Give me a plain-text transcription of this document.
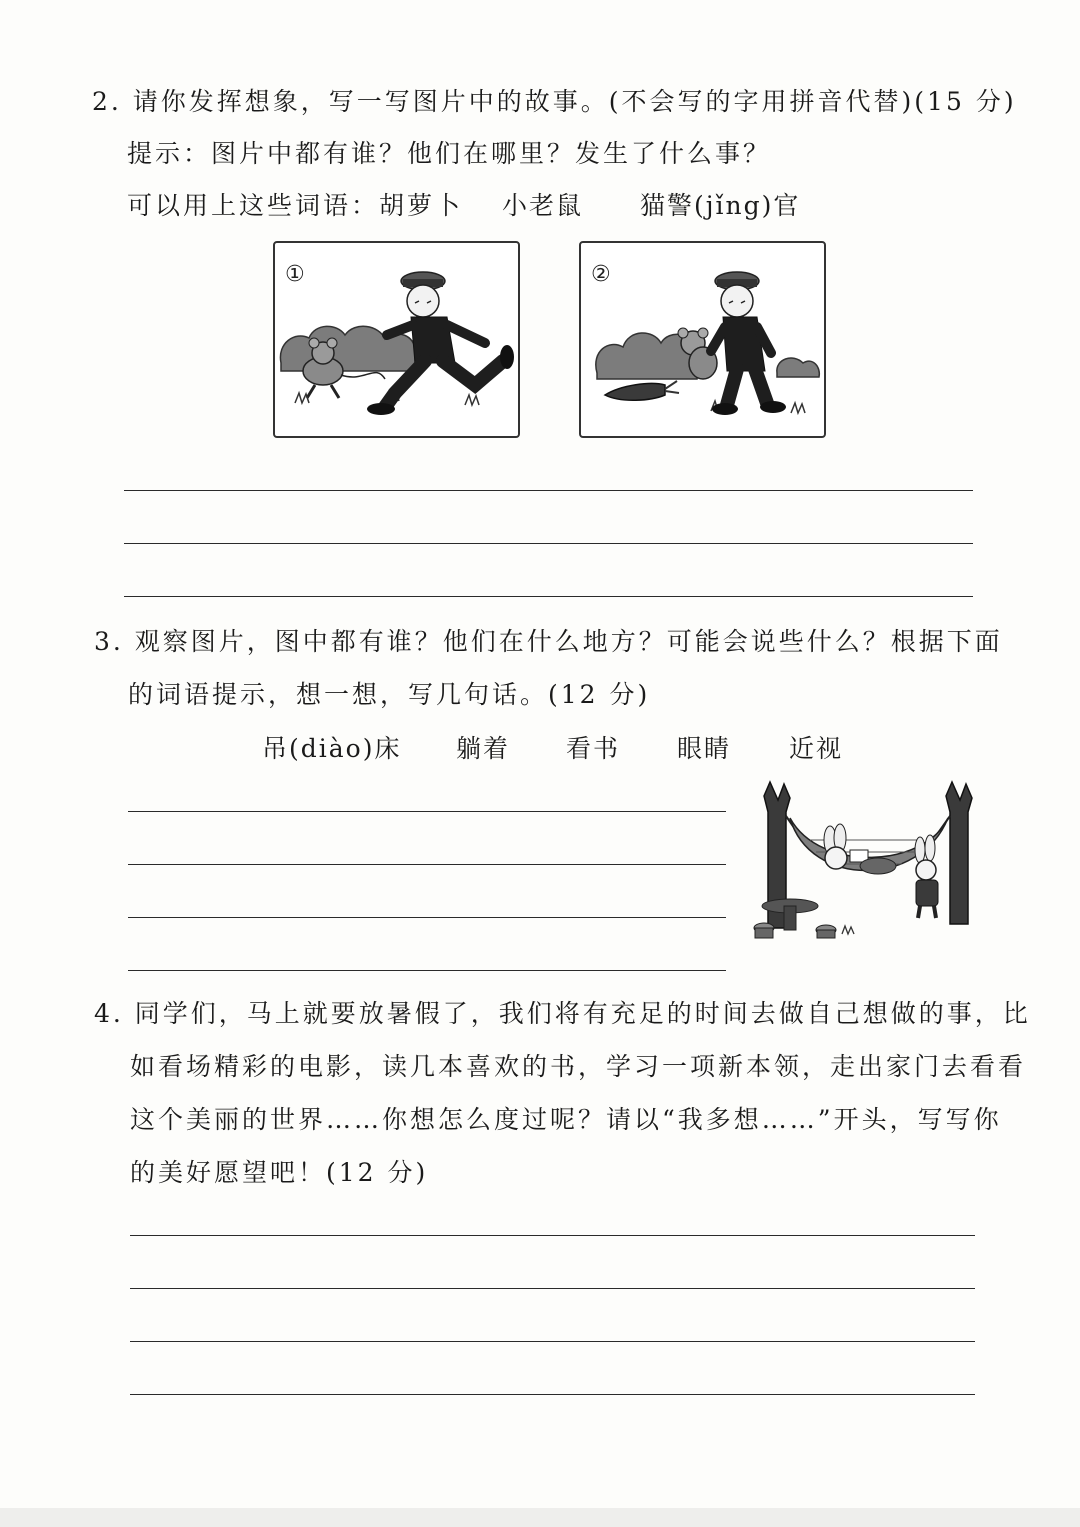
2. 请你发挥想象，写一写图片中的故事。(不会写的字用拼音代替)(15 分)
提示：图片中都有谁？他们在哪里？发生了什么事？
可以用上这些词语：胡萝卜 小老鼠 猫警(jǐng)官
①	②
3. 观察图片，图中都有谁？他们在什么地方？可能会说些什么？根据下面
的词语提示，想一想，写几句话。(12 分)
吊(diào)床 躺着 看书 眼睛 近视
4. 同学们，马上就要放暑假了，我们将有充足的时间去做自己想做的事，比
如看场精彩的电影，读几本喜欢的书，学习一项新本领，走出家门去看看
这个美丽的世界……你想怎么度过呢？请以“我多想……”开头，写写你
的美好愿望吧！(12 分)
